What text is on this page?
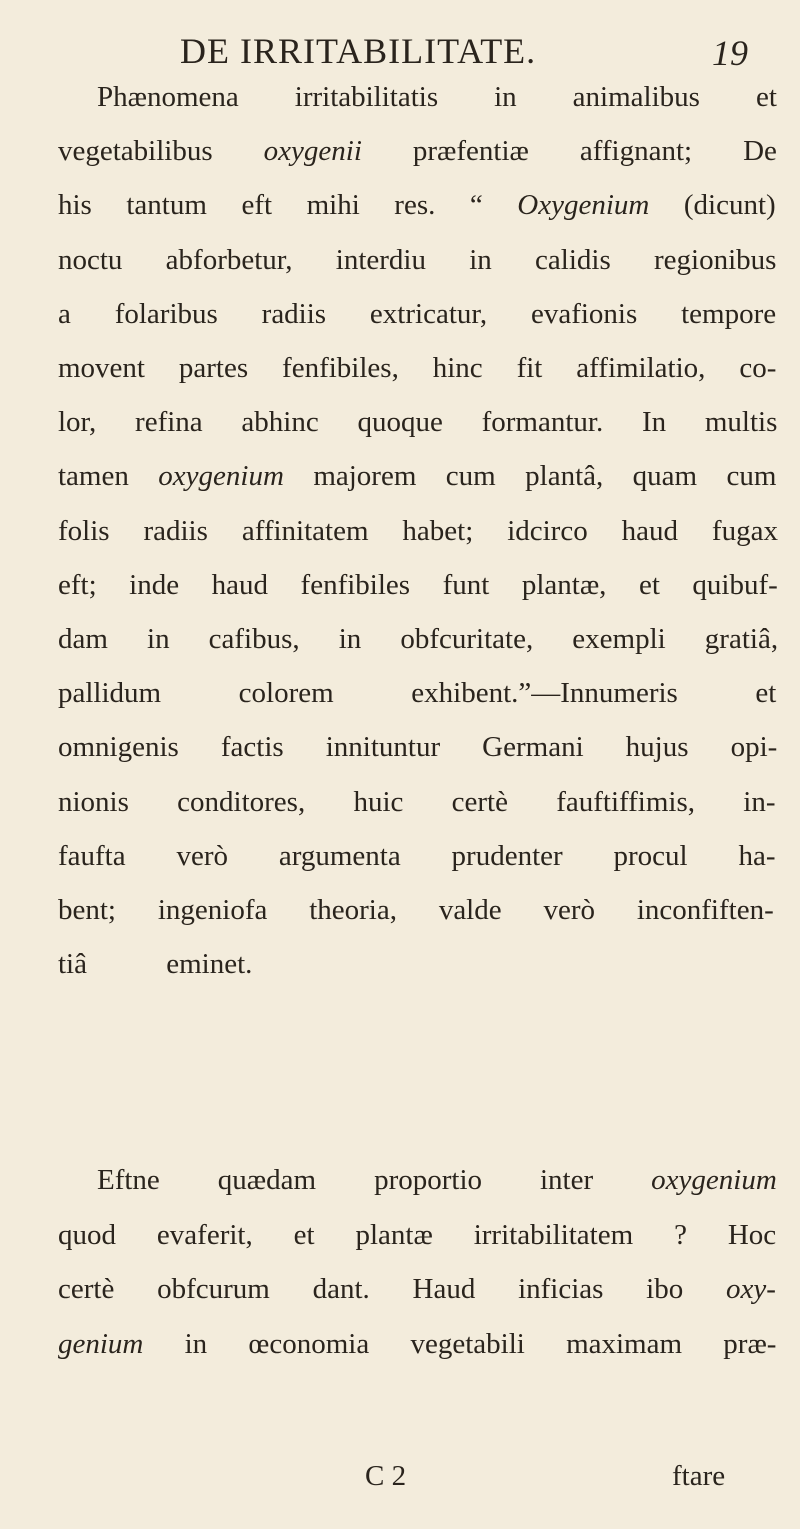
DE IRRITABILITATE.	19
Phænomena irritabilitatis in animalibus et
vegetabilibus oxygenii præfentiæ affignant; De
his tantum eft mihi res. “ Oxygenium (dicunt)
noctu abforbetur, interdiu in calidis regionibus
a folaribus radiis extricatur, evafionis tempore
movent partes fenfibiles, hinc fit affimilatio, co-
lor, refina abhinc quoque formantur. In multis
tamen oxygenium majorem cum plantâ, quam cum
folis radiis affinitatem habet; idcirco haud fugax
eft; inde haud fenfibiles funt plantæ, et quibuf-
dam in cafibus, in obfcuritate, exempli gratiâ,
pallidum colorem exhibent.”—Innumeris et
omnigenis factis innituntur Germani hujus opi-
nionis conditores, huic certè fauftiffimis, in-
faufta verò argumenta prudenter procul ha-
bent; ingeniofa theoria, valde verò inconfiften-
tiâ eminet.
Eftne quædam proportio inter oxygenium
quod evaferit, et plantæ irritabilitatem ? Hoc
certè obfcurum dant. Haud inficias ibo oxy-
genium in œconomia vegetabili maximam præ-
C 2	ftare
